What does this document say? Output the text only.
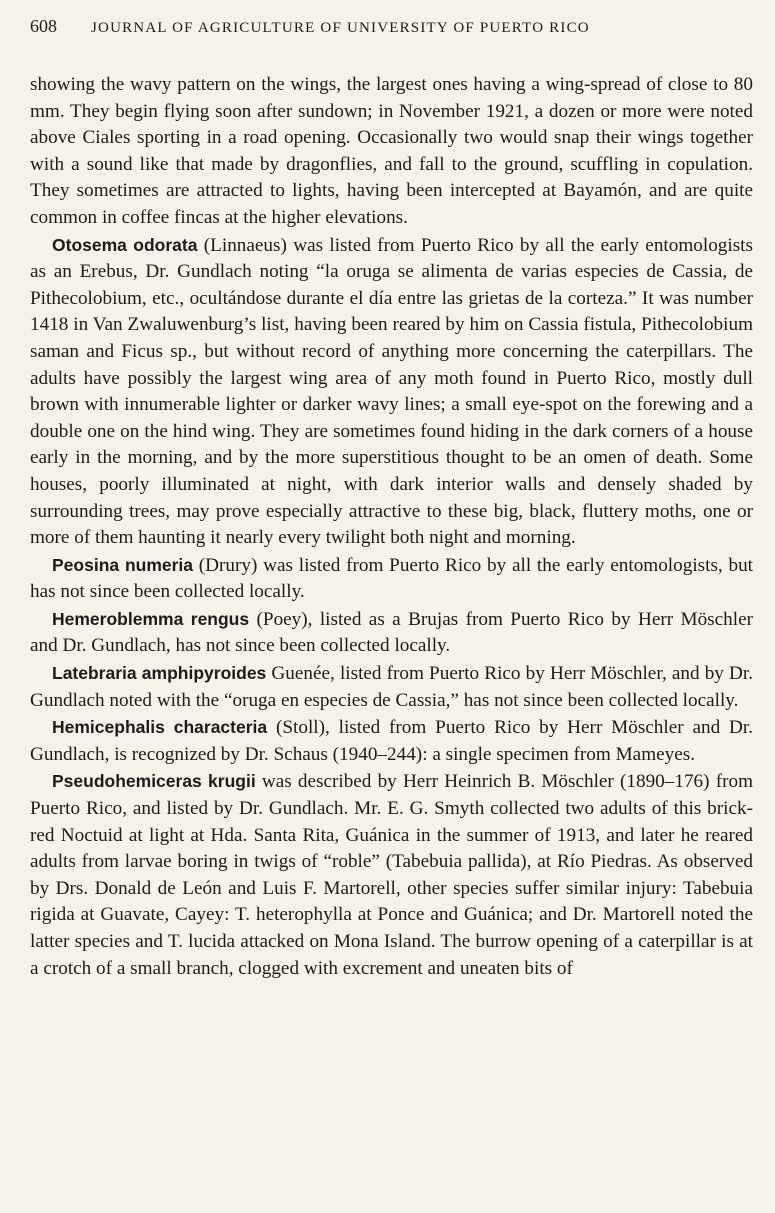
608 JOURNAL OF AGRICULTURE OF UNIVERSITY OF PUERTO RICO

showing the wavy pattern on the wings, the largest ones having a wing-spread of close to 80 mm. They begin flying soon after sundown; in November 1921, a dozen or more were noted above Ciales sporting in a road opening. Occasionally two would snap their wings together with a sound like that made by dragonflies, and fall to the ground, scuffling in copulation. They sometimes are attracted to lights, having been intercepted at Bayamón, and are quite common in coffee fincas at the higher elevations.

Otosema odorata (Linnaeus) was listed from Puerto Rico by all the early entomologists as an Erebus, Dr. Gundlach noting “la oruga se alimenta de varias especies de Cassia, de Pithecolobium, etc., ocultándose durante el día entre las grietas de la corteza.” It was number 1418 in Van Zwaluwenburg’s list, having been reared by him on Cassia fistula, Pithecolobium saman and Ficus sp., but without record of anything more concerning the caterpillars. The adults have possibly the largest wing area of any moth found in Puerto Rico, mostly dull brown with innumerable lighter or darker wavy lines; a small eye-spot on the forewing and a double one on the hind wing. They are sometimes found hiding in the dark corners of a house early in the morning, and by the more superstitious thought to be an omen of death. Some houses, poorly illuminated at night, with dark interior walls and densely shaded by surrounding trees, may prove especially attractive to these big, black, fluttery moths, one or more of them haunting it nearly every twilight both night and morning.

Peosina numeria (Drury) was listed from Puerto Rico by all the early entomologists, but has not since been collected locally.

Hemeroblemma rengus (Poey), listed as a Brujas from Puerto Rico by Herr Möschler and Dr. Gundlach, has not since been collected locally.

Latebraria amphipyroides Guenée, listed from Puerto Rico by Herr Möschler, and by Dr. Gundlach noted with the “oruga en especies de Cassia,” has not since been collected locally.

Hemicephalis characteria (Stoll), listed from Puerto Rico by Herr Möschler and Dr. Gundlach, is recognized by Dr. Schaus (1940–244): a single specimen from Mameyes.

Pseudohemiceras krugii was described by Herr Heinrich B. Möschler (1890–176) from Puerto Rico, and listed by Dr. Gundlach. Mr. E. G. Smyth collected two adults of this brick-red Noctuid at light at Hda. Santa Rita, Guánica in the summer of 1913, and later he reared adults from larvae boring in twigs of “roble” (Tabebuia pallida), at Río Piedras. As observed by Drs. Donald de León and Luis F. Martorell, other species suffer similar injury: Tabebuia rigida at Guavate, Cayey: T. heterophylla at Ponce and Guánica; and Dr. Martorell noted the latter species and T. lucida attacked on Mona Island. The burrow opening of a caterpillar is at a crotch of a small branch, clogged with excrement and uneaten bits of
